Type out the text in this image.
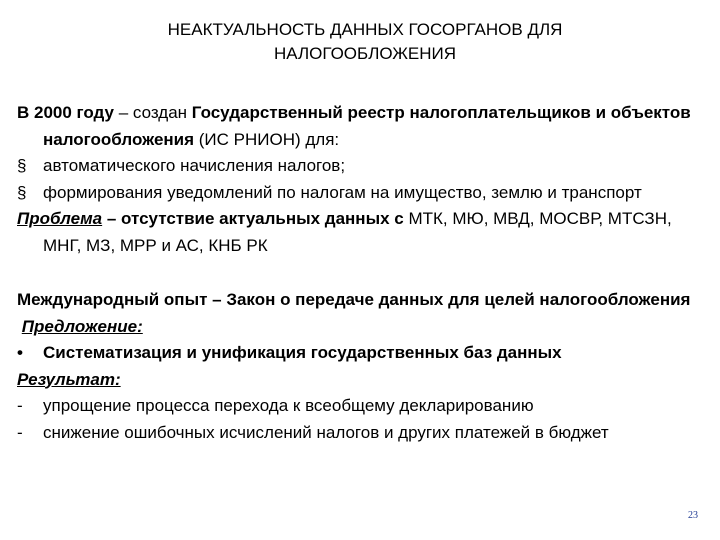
НЕАКТУАЛЬНОСТЬ ДАННЫХ ГОСОРГАНОВ ДЛЯ
НАЛОГООБЛОЖЕНИЯ

В 2000 году – создан Государственный реестр налогоплательщиков и объектов налогообложения (ИС РНИОН) для:

§ автоматического начисления налогов;
§ формирования уведомлений по налогам на имущество, землю и транспорт

Проблема – отсутствие актуальных данных с МТК, МЮ, МВД, МОСВР, МТСЗН, МНГ, МЗ, МРР и АС, КНБ РК

Международный опыт – Закон о передаче данных для целей налогообложения

Предложение:

•	Систематизация и унификация государственных баз данных

Результат:

-	упрощение процесса перехода к всеобщему декларированию
-	снижение ошибочных исчислений налогов и других платежей в бюджет
23
